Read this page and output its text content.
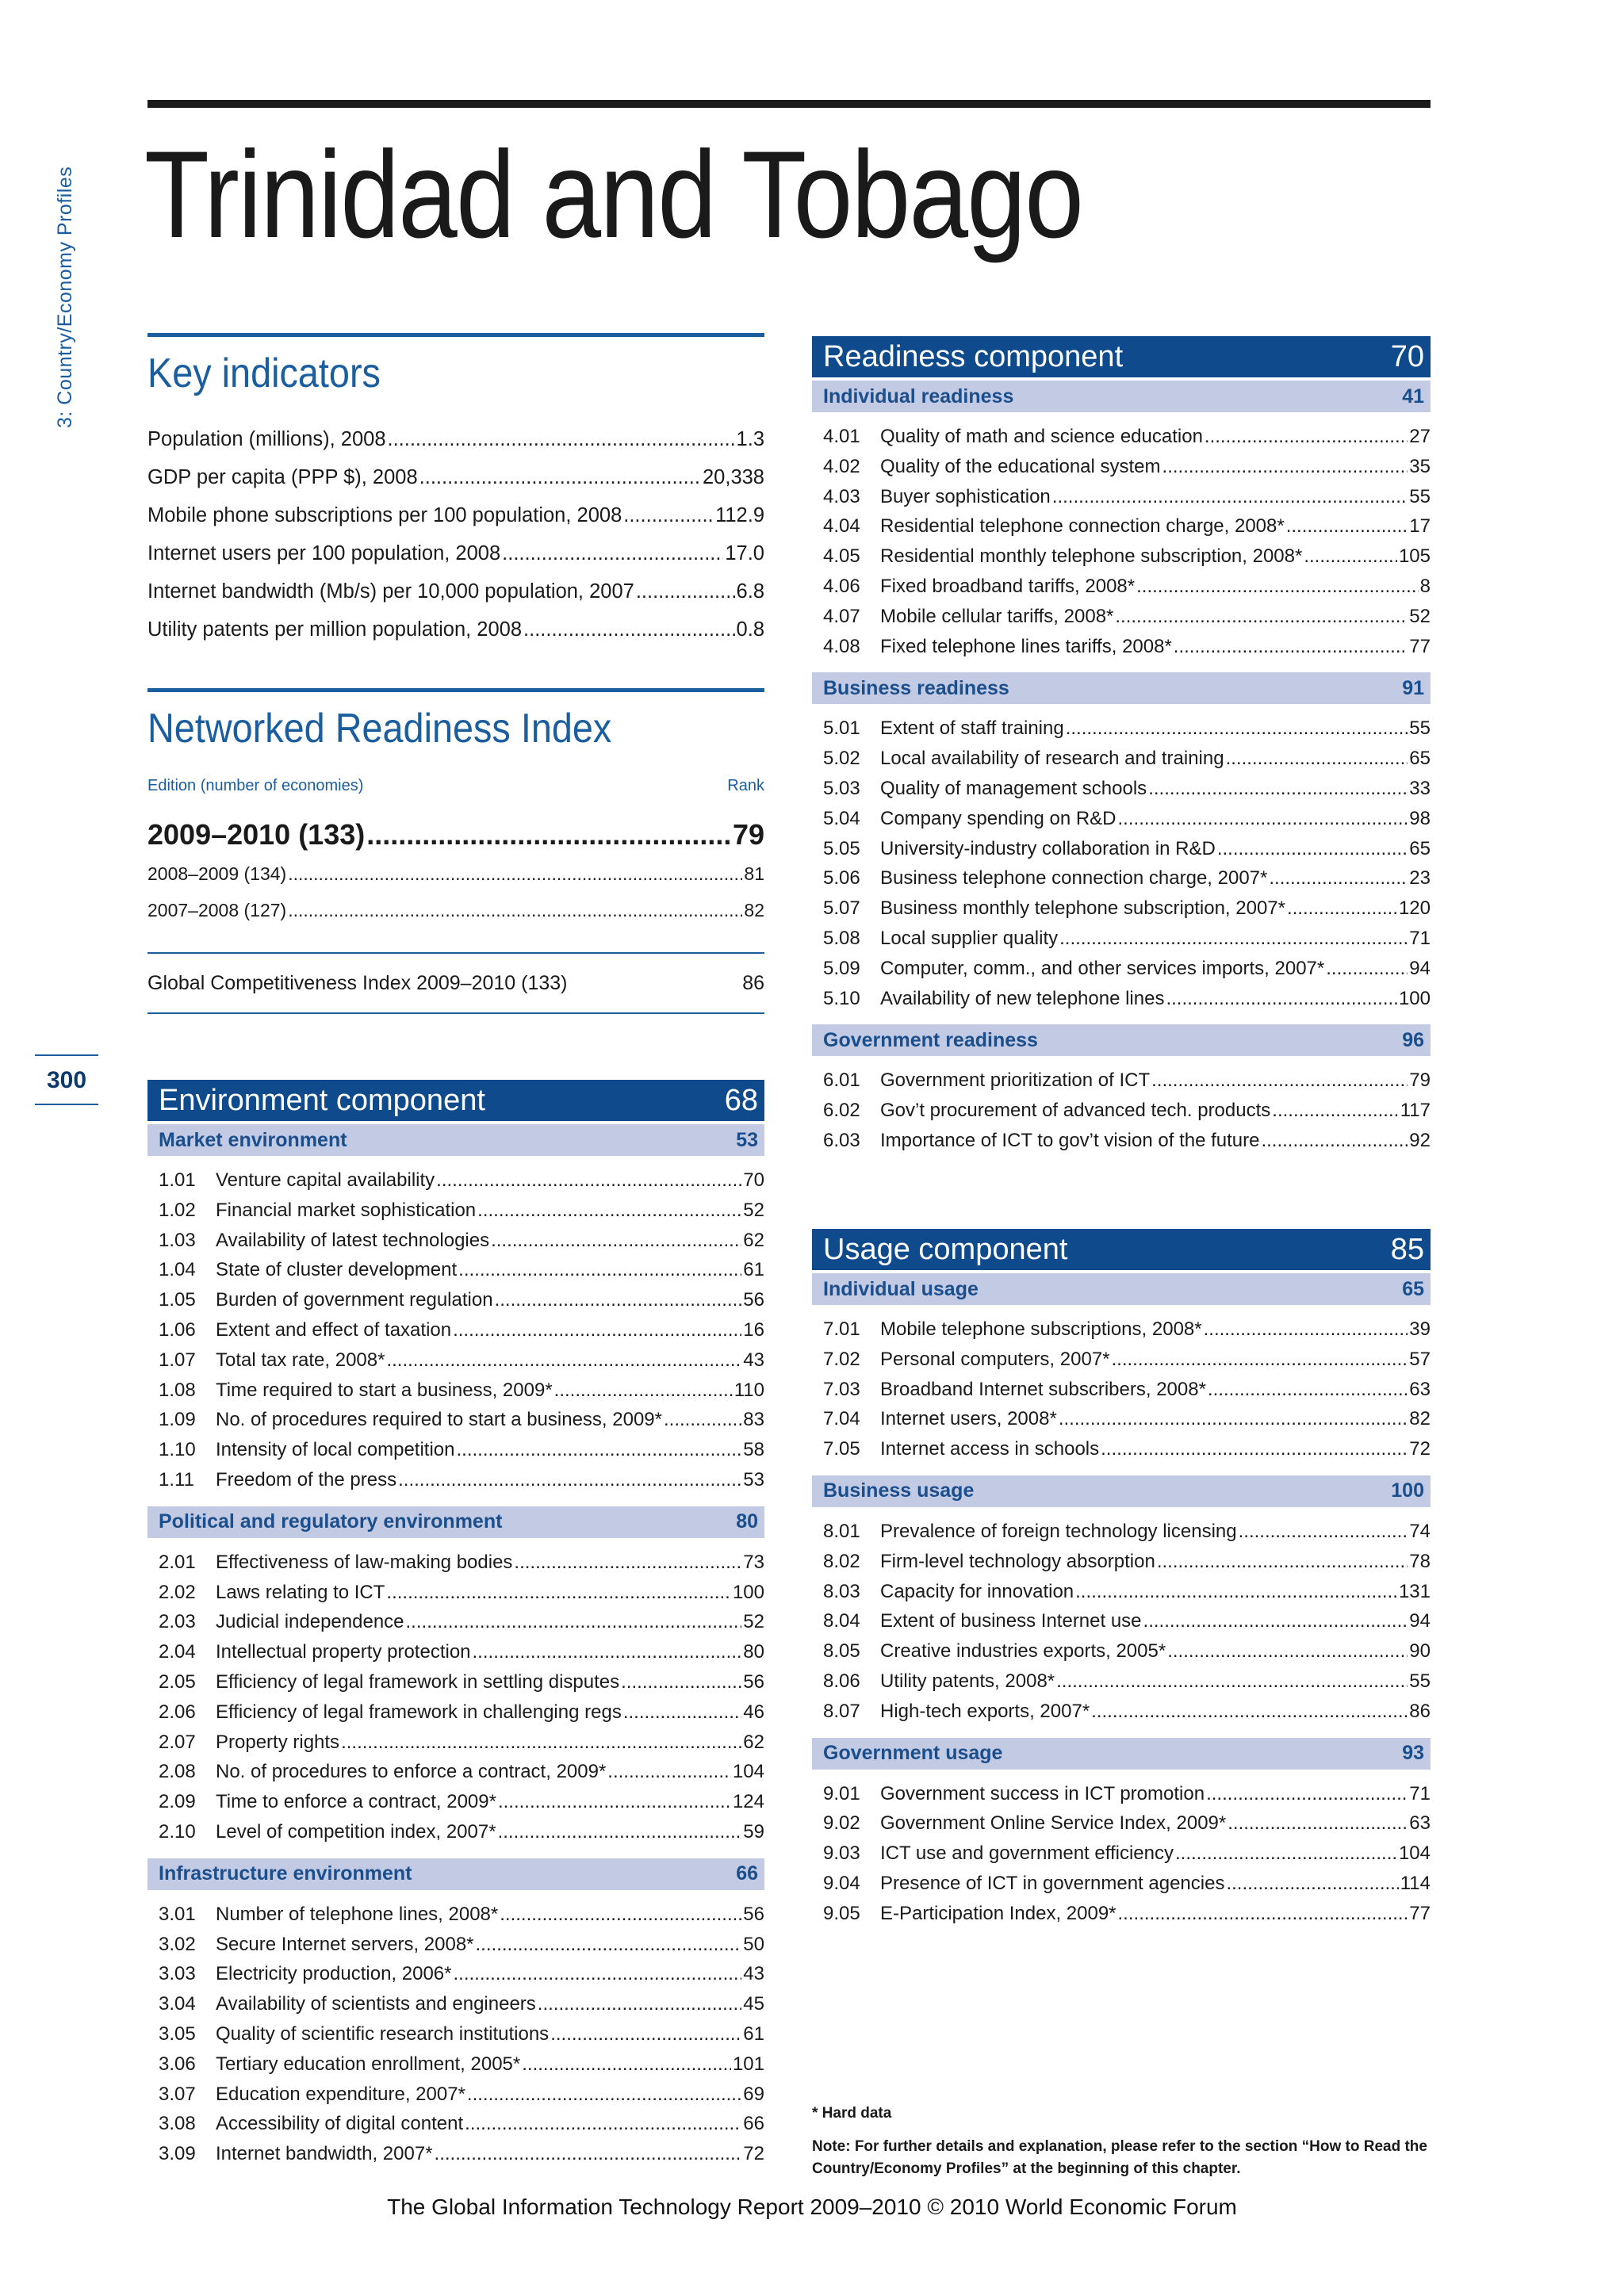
3: Country/Economy Profiles
300
Trinidad and Tobago
Key indicators
Population (millions), 2008 .....	1.3
GDP per capita (PPP $), 2008 .....	20,338
Mobile phone subscriptions per 100 population, 2008 .....	112.9
Internet users per 100 population, 2008 .....	17.0
Internet bandwidth (Mb/s) per 10,000 population, 2007 .....	6.8
Utility patents per million population, 2008 .....	0.8
Networked Readiness Index
Edition (number of economies)	Rank
2009–2010 (133) .....	79
2008–2009 (134) .....	81
2007–2008 (127) .....	82
Global Competitiveness Index 2009–2010 (133)	86
Environment component	68
Market environment	53
1.01	Venture capital availability .....	70
1.02	Financial market sophistication .....	52
1.03	Availability of latest technologies .....	62
1.04	State of cluster development .....	61
1.05	Burden of government regulation .....	56
1.06	Extent and effect of taxation .....	16
1.07	Total tax rate, 2008* .....	43
1.08	Time required to start a business, 2009* .....	110
1.09	No. of procedures required to start a business, 2009* .....	83
1.10	Intensity of local competition .....	58
1.11	Freedom of the press .....	53
Political and regulatory environment	80
2.01	Effectiveness of law-making bodies .....	73
2.02	Laws relating to ICT .....	100
2.03	Judicial independence .....	52
2.04	Intellectual property protection .....	80
2.05	Efficiency of legal framework in settling disputes .....	56
2.06	Efficiency of legal framework in challenging regs .....	46
2.07	Property rights .....	62
2.08	No. of procedures to enforce a contract, 2009* .....	104
2.09	Time to enforce a contract, 2009* .....	124
2.10	Level of competition index, 2007* .....	59
Infrastructure environment	66
3.01	Number of telephone lines, 2008* .....	56
3.02	Secure Internet servers, 2008* .....	50
3.03	Electricity production, 2006* .....	43
3.04	Availability of scientists and engineers .....	45
3.05	Quality of scientific research institutions .....	61
3.06	Tertiary education enrollment, 2005* .....	101
3.07	Education expenditure, 2007* .....	69
3.08	Accessibility of digital content .....	66
3.09	Internet bandwidth, 2007* .....	72
Readiness component	70
Individual readiness	41
4.01	Quality of math and science education .....	27
4.02	Quality of the educational system .....	35
4.03	Buyer sophistication .....	55
4.04	Residential telephone connection charge, 2008* .....	17
4.05	Residential monthly telephone subscription, 2008* .....	105
4.06	Fixed broadband tariffs, 2008* .....	8
4.07	Mobile cellular tariffs, 2008* .....	52
4.08	Fixed telephone lines tariffs, 2008* .....	77
Business readiness	91
5.01	Extent of staff training .....	55
5.02	Local availability of research and training .....	65
5.03	Quality of management schools .....	33
5.04	Company spending on R&D .....	98
5.05	University-industry collaboration in R&D .....	65
5.06	Business telephone connection charge, 2007* .....	23
5.07	Business monthly telephone subscription, 2007* .....	120
5.08	Local supplier quality .....	71
5.09	Computer, comm., and other services imports, 2007* .....	94
5.10	Availability of new telephone lines .....	100
Government readiness	96
6.01	Government prioritization of ICT .....	79
6.02	Gov’t procurement of advanced tech. products .....	117
6.03	Importance of ICT to gov’t vision of the future .....	92
Usage component	85
Individual usage	65
7.01	Mobile telephone subscriptions, 2008* .....	39
7.02	Personal computers, 2007* .....	57
7.03	Broadband Internet subscribers, 2008* .....	63
7.04	Internet users, 2008* .....	82
7.05	Internet access in schools .....	72
Business usage	100
8.01	Prevalence of foreign technology licensing .....	74
8.02	Firm-level technology absorption .....	78
8.03	Capacity for innovation .....	131
8.04	Extent of business Internet use .....	94
8.05	Creative industries exports, 2005* .....	90
8.06	Utility patents, 2008* .....	55
8.07	High-tech exports, 2007* .....	86
Government usage	93
9.01	Government success in ICT promotion .....	71
9.02	Government Online Service Index, 2009* .....	63
9.03	ICT use and government efficiency .....	104
9.04	Presence of ICT in government agencies .....	114
9.05	E-Participation Index, 2009* .....	77
* Hard data
Note: For further details and explanation, please refer to the section “How to Read the Country/Economy Profiles” at the beginning of this chapter.
The Global Information Technology Report 2009–2010 © 2010 World Economic Forum
